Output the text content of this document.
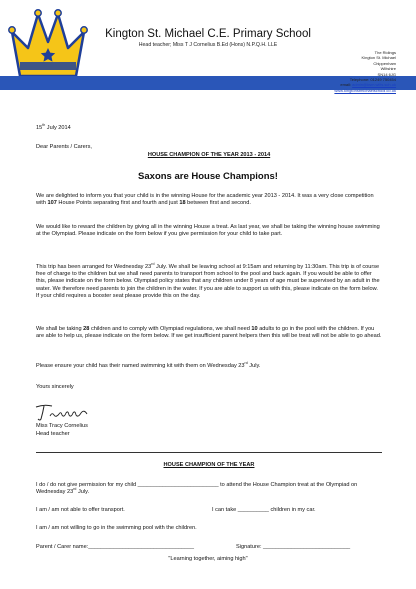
Kington St. Michael C.E. Primary School
Head teacher; Miss T J Cornelius B.Ed (Hons) N.P.Q.H. LLE
The Ridings
Kington St. Michael
Chippenham
Wiltshire
SN14 6JG
Telephone: 01249 750454
email: admin@ksm.wilts.sch.uk
www.kingtonstmichaelschool.co.uk
15th July 2014
Dear Parents / Carers,
HOUSE CHAMPION OF THE YEAR 2013 - 2014
Saxons are House Champions!
We are delighted to inform you that your child is in the winning House for the academic year 2013 - 2014. It was a very close competition with 107 House Points separating first and fourth and just 18 between first and second.
We would like to reward the children by giving all in the winning House a treat. As last year, we shall be taking the winning house swimming at the Olympiad. Please indicate on the form below if you give permission for your child to take part.
This trip has been arranged for Wednesday 23rd July. We shall be leaving school at 9:15am and returning by 11:30am. This trip is of course free of charge to the children but we shall need parents to transport from school to the pool and back again. If you would be able to offer this, please indicate on the form below. Olympiad policy states that any children under 8 years of age must be supervised by an adult in the water. We therefore need parents to join the children in the water. If you are able to support us with this, please indicate on the form below. If your child requires a booster seat please provide this on the day.
We shall be taking 28 children and to comply with Olympiad regulations, we shall need 10 adults to go in the pool with the children. If you are able to help us, please indicate on the form below. If we get insufficient parent helpers then this will be treat will not be able to go ahead.
Please ensure your child has their named swimming kit with them on Wednesday 23rd July.
Yours sincerely
Miss Tracy Cornelius
Head teacher
HOUSE CHAMPION OF THE YEAR
I do / do not give permission for my child __________________________ to attend the House Champion treat at the Olympiad on Wednesday 23rd July.
I am / am not able to offer transport.	I can take __________ children in my car.
I am / am not willing to go in the swimming pool with the children.
Parent / Carer name:__________________________________	Signature: ____________________________
"Learning together, aiming high"
